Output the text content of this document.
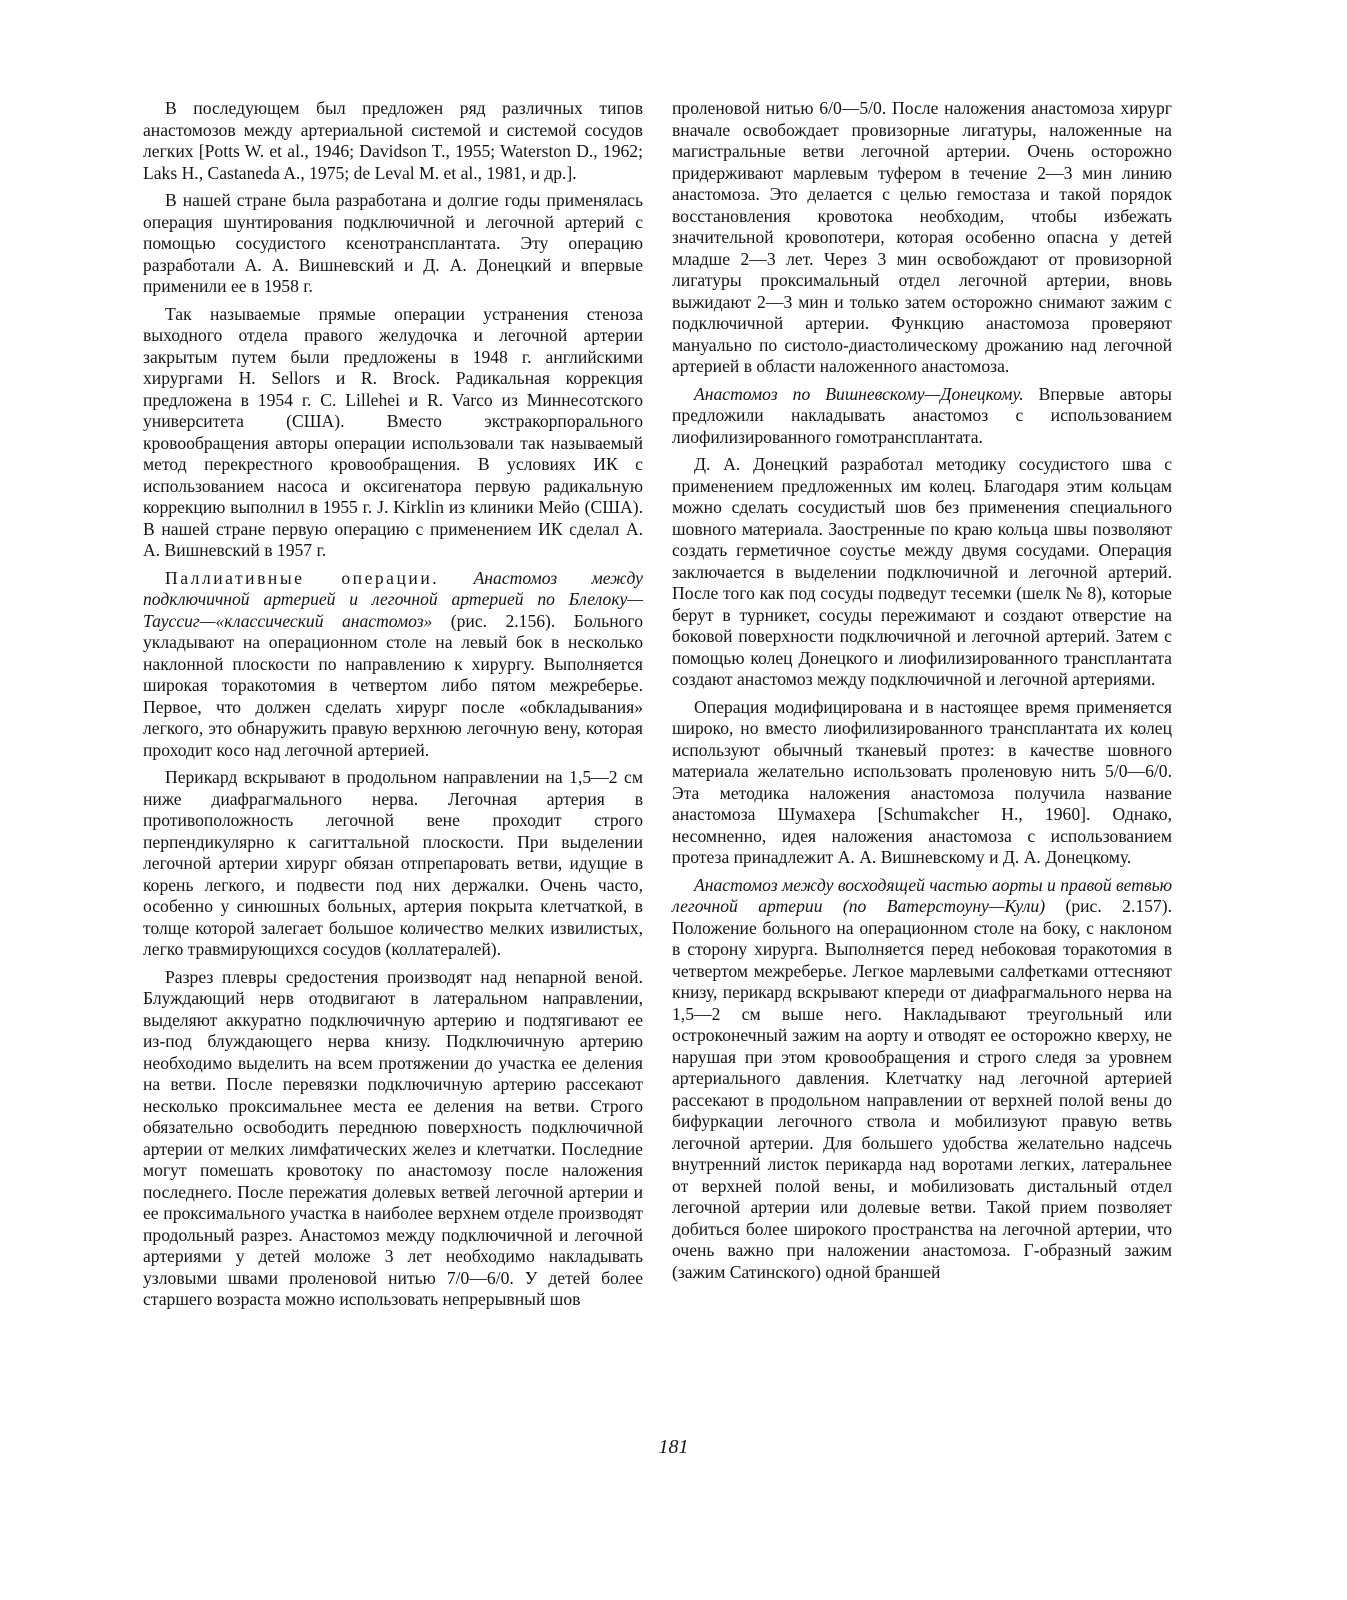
В последующем был предложен ряд различных типов анастомозов между артериальной системой и системой сосудов легких [Potts W. et al., 1946; Davidson T., 1955; Waterston D., 1962; Laks H., Castaneda A., 1975; de Leval M. et al., 1981, и др.].

В нашей стране была разработана и долгие годы применялась операция шунтирования подключичной и легочной артерий с помощью сосудистого ксенотрансплантата. Эту операцию разработали А. А. Вишневский и Д. А. Донецкий и впервые применили ее в 1958 г.

Так называемые прямые операции устранения стеноза выходного отдела правого желудочка и легочной артерии закрытым путем были предложены в 1948 г. английскими хирургами Н. Sellors и R. Brock. Радикальная коррекция предложена в 1954 г. С. Lillehei и R. Varco из Миннесотского университета (США). Вместо экстракорпорального кровообращения авторы операции использовали так называемый метод перекрестного кровообращения. В условиях ИК с использованием насоса и оксигенатора первую радикальную коррекцию выполнил в 1955 г. J. Kirklin из клиники Мейо (США). В нашей стране первую операцию с применением ИК сделал А. А. Вишневский в 1957 г.

Паллиативные операции. Анастомоз между подключичной артерией и легочной артерией по Блелоку—Тауссиг—«классический анастомоз» (рис. 2.156). Больного укладывают на операционном столе на левый бок в несколько наклонной плоскости по направлению к хирургу. Выполняется широкая торакотомия в четвертом либо пятом межреберье. Первое, что должен сделать хирург после «обкладывания» легкого, это обнаружить правую верхнюю легочную вену, которая проходит косо над легочной артерией.

Перикард вскрывают в продольном направлении на 1,5—2 см ниже диафрагмального нерва. Легочная артерия в противоположность легочной вене проходит строго перпендикулярно к сагиттальной плоскости. При выделении легочной артерии хирург обязан отпрепаровать ветви, идущие в корень легкого, и подвести под них держалки. Очень часто, особенно у синюшных больных, артерия покрыта клетчаткой, в толще которой залегает большое количество мелких извилистых, легко травмирующихся сосудов (коллатералей).

Разрез плевры средостения производят над непарной веной. Блуждающий нерв отодвигают в латеральном направлении, выделяют аккуратно подключичную артерию и подтягивают ее из-под блуждающего нерва книзу. Подключичную артерию необходимо выделить на всем протяжении до участка ее деления на ветви. После перевязки подключичную артерию рассекают несколько проксимальнее места ее деления на ветви. Строго обязательно освободить переднюю поверхность подключичной артерии от мелких лимфатических желез и клетчатки. Последние могут помешать кровотоку по анастомозу после наложения последнего. После пережатия долевых ветвей легочной артерии и ее проксимального участка в наиболее верхнем отделе производят продольный разрез. Анастомоз между подключичной и легочной артериями у детей моложе 3 лет необходимо накладывать узловыми швами проленовой нитью 7/0—6/0. У детей более старшего возраста можно использовать непрерывный шов

проленовой нитью 6/0—5/0. После наложения анастомоза хирург вначале освобождает провизорные лигатуры, наложенные на магистральные ветви легочной артерии. Очень осторожно придерживают марлевым туфером в течение 2—3 мин линию анастомоза. Это делается с целью гемостаза и такой порядок восстановления кровотока необходим, чтобы избежать значительной кровопотери, которая особенно опасна у детей младше 2—3 лет. Через 3 мин освобождают от провизорной лигатуры проксимальный отдел легочной артерии, вновь выжидают 2—3 мин и только затем осторожно снимают зажим с подключичной артерии. Функцию анастомоза проверяют мануально по систоло-диастолическому дрожанию над легочной артерией в области наложенного анастомоза.

Анастомоз по Вишневскому—Донецкому. Впервые авторы предложили накладывать анастомоз с использованием лиофилизированного гомотрансплантата.

Д. А. Донецкий разработал методику сосудистого шва с применением предложенных им колец. Благодаря этим кольцам можно сделать сосудистый шов без применения специального шовного материала. Заостренные по краю кольца швы позволяют создать герметичное соустье между двумя сосудами. Операция заключается в выделении подключичной и легочной артерий. После того как под сосуды подведут тесемки (шелк № 8), которые берут в турникет, сосуды пережимают и создают отверстие на боковой поверхности подключичной и легочной артерий. Затем с помощью колец Донецкого и лиофилизированного трансплантата создают анастомоз между подключичной и легочной артериями.

Операция модифицирована и в настоящее время применяется широко, но вместо лиофилизированного трансплантата их колец используют обычный тканевый протез: в качестве шовного материала желательно использовать проленовую нить 5/0—6/0. Эта методика наложения анастомоза получила название анастомоза Шумахера [Schumakcher H., 1960]. Однако, несомненно, идея наложения анастомоза с использованием протеза принадлежит А. А. Вишневскому и Д. А. Донецкому.

Анастомоз между восходящей частью аорты и правой ветвью легочной артерии (по Ватерстоуну—Кули) (рис. 2.157). Положение больного на операционном столе на боку, с наклоном в сторону хирурга. Выполняется перед небоковая торакотомия в четвертом межреберье. Легкое марлевыми салфетками оттесняют книзу, перикард вскрывают кпереди от диафрагмального нерва на 1,5—2 см выше него. Накладывают треугольный или остроконечный зажим на аорту и отводят ее осторожно кверху, не нарушая при этом кровообращения и строго следя за уровнем артериального давления. Клетчатку над легочной артерией рассекают в продольном направлении от верхней полой вены до бифуркации легочного ствола и мобилизуют правую ветвь легочной артерии. Для большего удобства желательно надсечь внутренний листок перикарда над воротами легких, латеральнее от верхней полой вены, и мобилизовать дистальный отдел легочной артерии или долевые ветви. Такой прием позволяет добиться более широкого пространства на легочной артерии, что очень важно при наложении анастомоза. Г-образный зажим (зажим Сатинского) одной браншей

181
